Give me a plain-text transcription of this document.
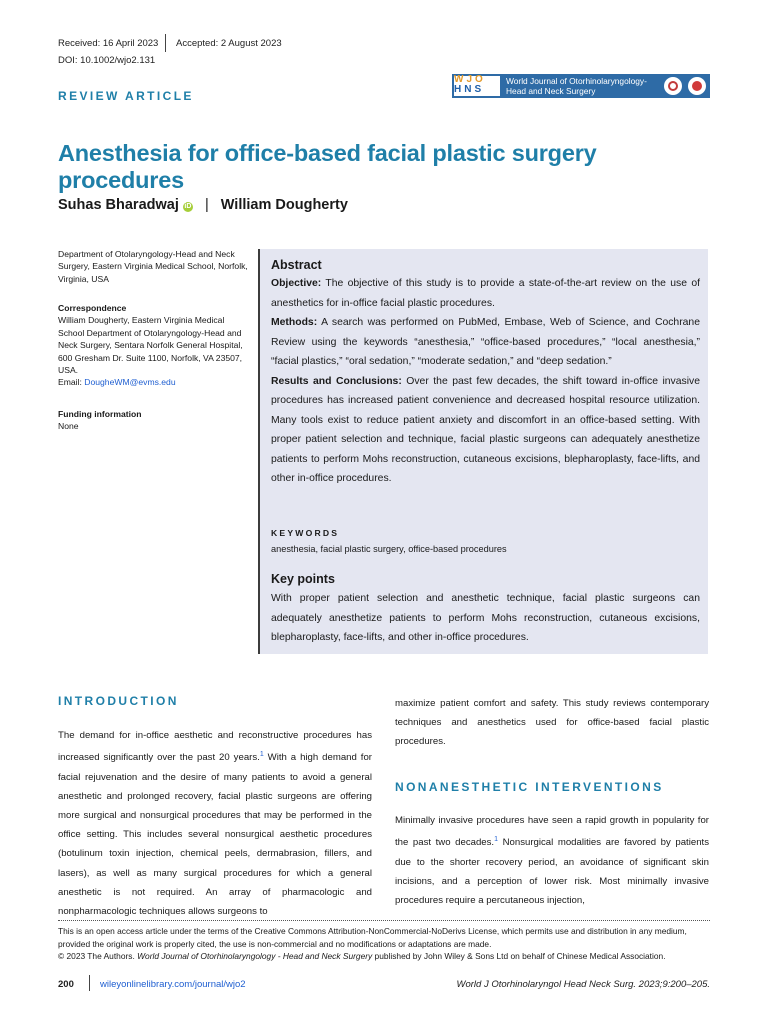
Received: 16 April 2023 Accepted: 2 August 2023
DOI: 10.1002/wjo2.131
REVIEW ARTICLE
WJO
HNS
World Journal of Otorhinolaryngology-
Head and Neck Surgery
Anesthesia for office-based facial plastic surgery procedures
Suhas Bharadwaj iD | William Dougherty
Department of Otolaryngology-Head and Neck Surgery, Eastern Virginia Medical School, Norfolk, Virginia, USA
Correspondence
William Dougherty, Eastern Virginia Medical School Department of Otolaryngology-Head and Neck Surgery, Sentara Norfolk General Hospital, 600 Gresham Dr. Suite 1100, Norfolk, VA 23507, USA.
Email: DougheWM@evms.edu
Funding information
None
Abstract
Objective: The objective of this study is to provide a state-of-the-art review on the use of anesthetics for in-office facial plastic procedures.
Methods: A search was performed on PubMed, Embase, Web of Science, and Cochrane Review using the keywords “anesthesia,” “office-based procedures,” “local anesthesia,” “facial plastics,” “oral sedation,” “moderate sedation,” and “deep sedation.”
Results and Conclusions: Over the past few decades, the shift toward in-office invasive procedures has increased patient convenience and decreased hospital resource utilization. Many tools exist to reduce patient anxiety and discomfort in an office-based setting. With proper patient selection and technique, facial plastic surgeons can adequately anesthetize patients to perform Mohs reconstruction, cutaneous excisions, blepharoplasty, face-lifts, and other in-office procedures.
KEYWORDS
anesthesia, facial plastic surgery, office-based procedures
Key points
With proper patient selection and anesthetic technique, facial plastic surgeons can adequately anesthetize patients to perform Mohs reconstruction, cutaneous excisions, blepharoplasty, face-lifts, and other in-office procedures.
INTRODUCTION
The demand for in-office aesthetic and reconstructive procedures has increased significantly over the past 20 years.$^1$ With a high demand for facial rejuvenation and the desire of many patients to avoid a general anesthetic and prolonged recovery, facial plastic surgeons are offering more surgical and nonsurgical procedures that may be performed in the office setting. This includes several nonsurgical aesthetic procedures (botulinum toxin injection, chemical peels, dermabrasion, fillers, and lasers), as well as many surgical procedures for which a general anesthetic is not required. An array of pharmacologic and nonpharmacologic techniques allows surgeons to
maximize patient comfort and safety. This study reviews contemporary techniques and anesthetics used for office-based facial plastic procedures.
NONANESTHETIC INTERVENTIONS
Minimally invasive procedures have seen a rapid growth in popularity for the past two decades.$^1$ Nonsurgical modalities are favored by patients due to the shorter recovery period, an avoidance of significant skin incisions, and a perception of lower risk. Most minimally invasive procedures require a percutaneous injection,
This is an open access article under the terms of the Creative Commons Attribution-NonCommercial-NoDerivs License, which permits use and distribution in any medium, provided the original work is properly cited, the use is non-commercial and no modifications or adaptations are made.
© 2023 The Authors. World Journal of Otorhinolaryngology - Head and Neck Surgery published by John Wiley & Sons Ltd on behalf of Chinese Medical Association.
200	wileyonlinelibrary.com/journal/wjo2	World J Otorhinolaryngol Head Neck Surg. 2023;9:200–205.
